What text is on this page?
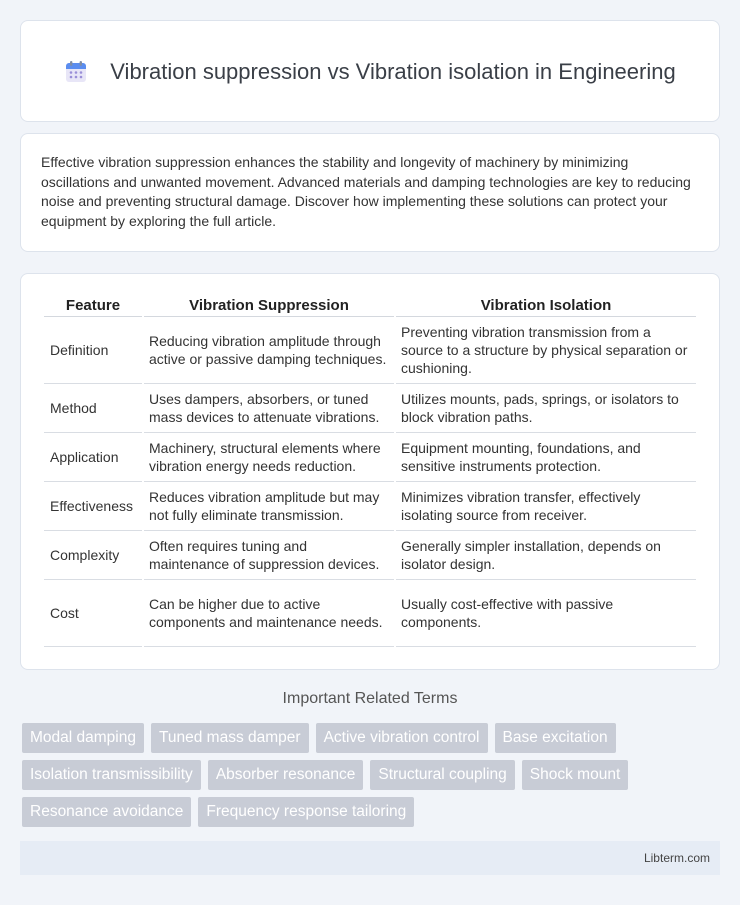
Vibration suppression vs Vibration isolation in Engineering

Effective vibration suppression enhances the stability and longevity of machinery by minimizing oscillations and unwanted movement. Advanced materials and damping technologies are key to reducing noise and preventing structural damage. Discover how implementing these solutions can protect your equipment by exploring the full article.

Feature	Vibration Suppression	Vibration Isolation
Definition	Reducing vibration amplitude through active or passive damping techniques.	Preventing vibration transmission from a source to a structure by physical separation or cushioning.
Method	Uses dampers, absorbers, or tuned mass devices to attenuate vibrations.	Utilizes mounts, pads, springs, or isolators to block vibration paths.
Application	Machinery, structural elements where vibration energy needs reduction.	Equipment mounting, foundations, and sensitive instruments protection.
Effectiveness	Reduces vibration amplitude but may not fully eliminate transmission.	Minimizes vibration transfer, effectively isolating source from receiver.
Complexity	Often requires tuning and maintenance of suppression devices.	Generally simpler installation, depends on isolator design.
Cost	Can be higher due to active components and maintenance needs.	Usually cost-effective with passive components.
Important Related Terms
Modal damping	Tuned mass damper	Active vibration control	Base excitation
Isolation transmissibility	Absorber resonance	Structural coupling	Shock mount
Resonance avoidance	Frequency response tailoring
Libterm.com
